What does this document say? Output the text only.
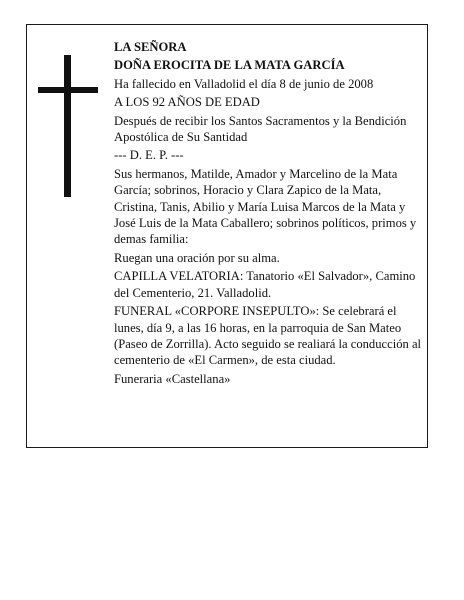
LA SEÑORA

DOÑA EROCITA DE LA MATA GARCÍA

Ha fallecido en Valladolid el día 8 de junio de 2008

A LOS 92 AÑOS DE EDAD

Después de recibir los Santos Sacramentos y la Bendición Apostólica de Su Santidad

--- D. E. P. ---

Sus hermanos, Matilde, Amador y Marcelino de la Mata García; sobrinos, Horacio y Clara Zapico de la Mata, Cristina, Tanis, Abilio y María Luisa Marcos de la Mata y José Luis de la Mata Caballero; sobrinos políticos, primos y demas familia:

Ruegan una oración por su alma.

CAPILLA VELATORIA: Tanatorio «El Salvador», Camino del Cementerio, 21. Valladolid.

FUNERAL «CORPORE INSEPULTO»: Se celebrará el lunes, día 9, a las 16 horas, en la parroquia de San Mateo (Paseo de Zorrilla). Acto seguido se realiará la conducción al cementerio de «El Carmen», de esta ciudad.

Funeraria «Castellana»
